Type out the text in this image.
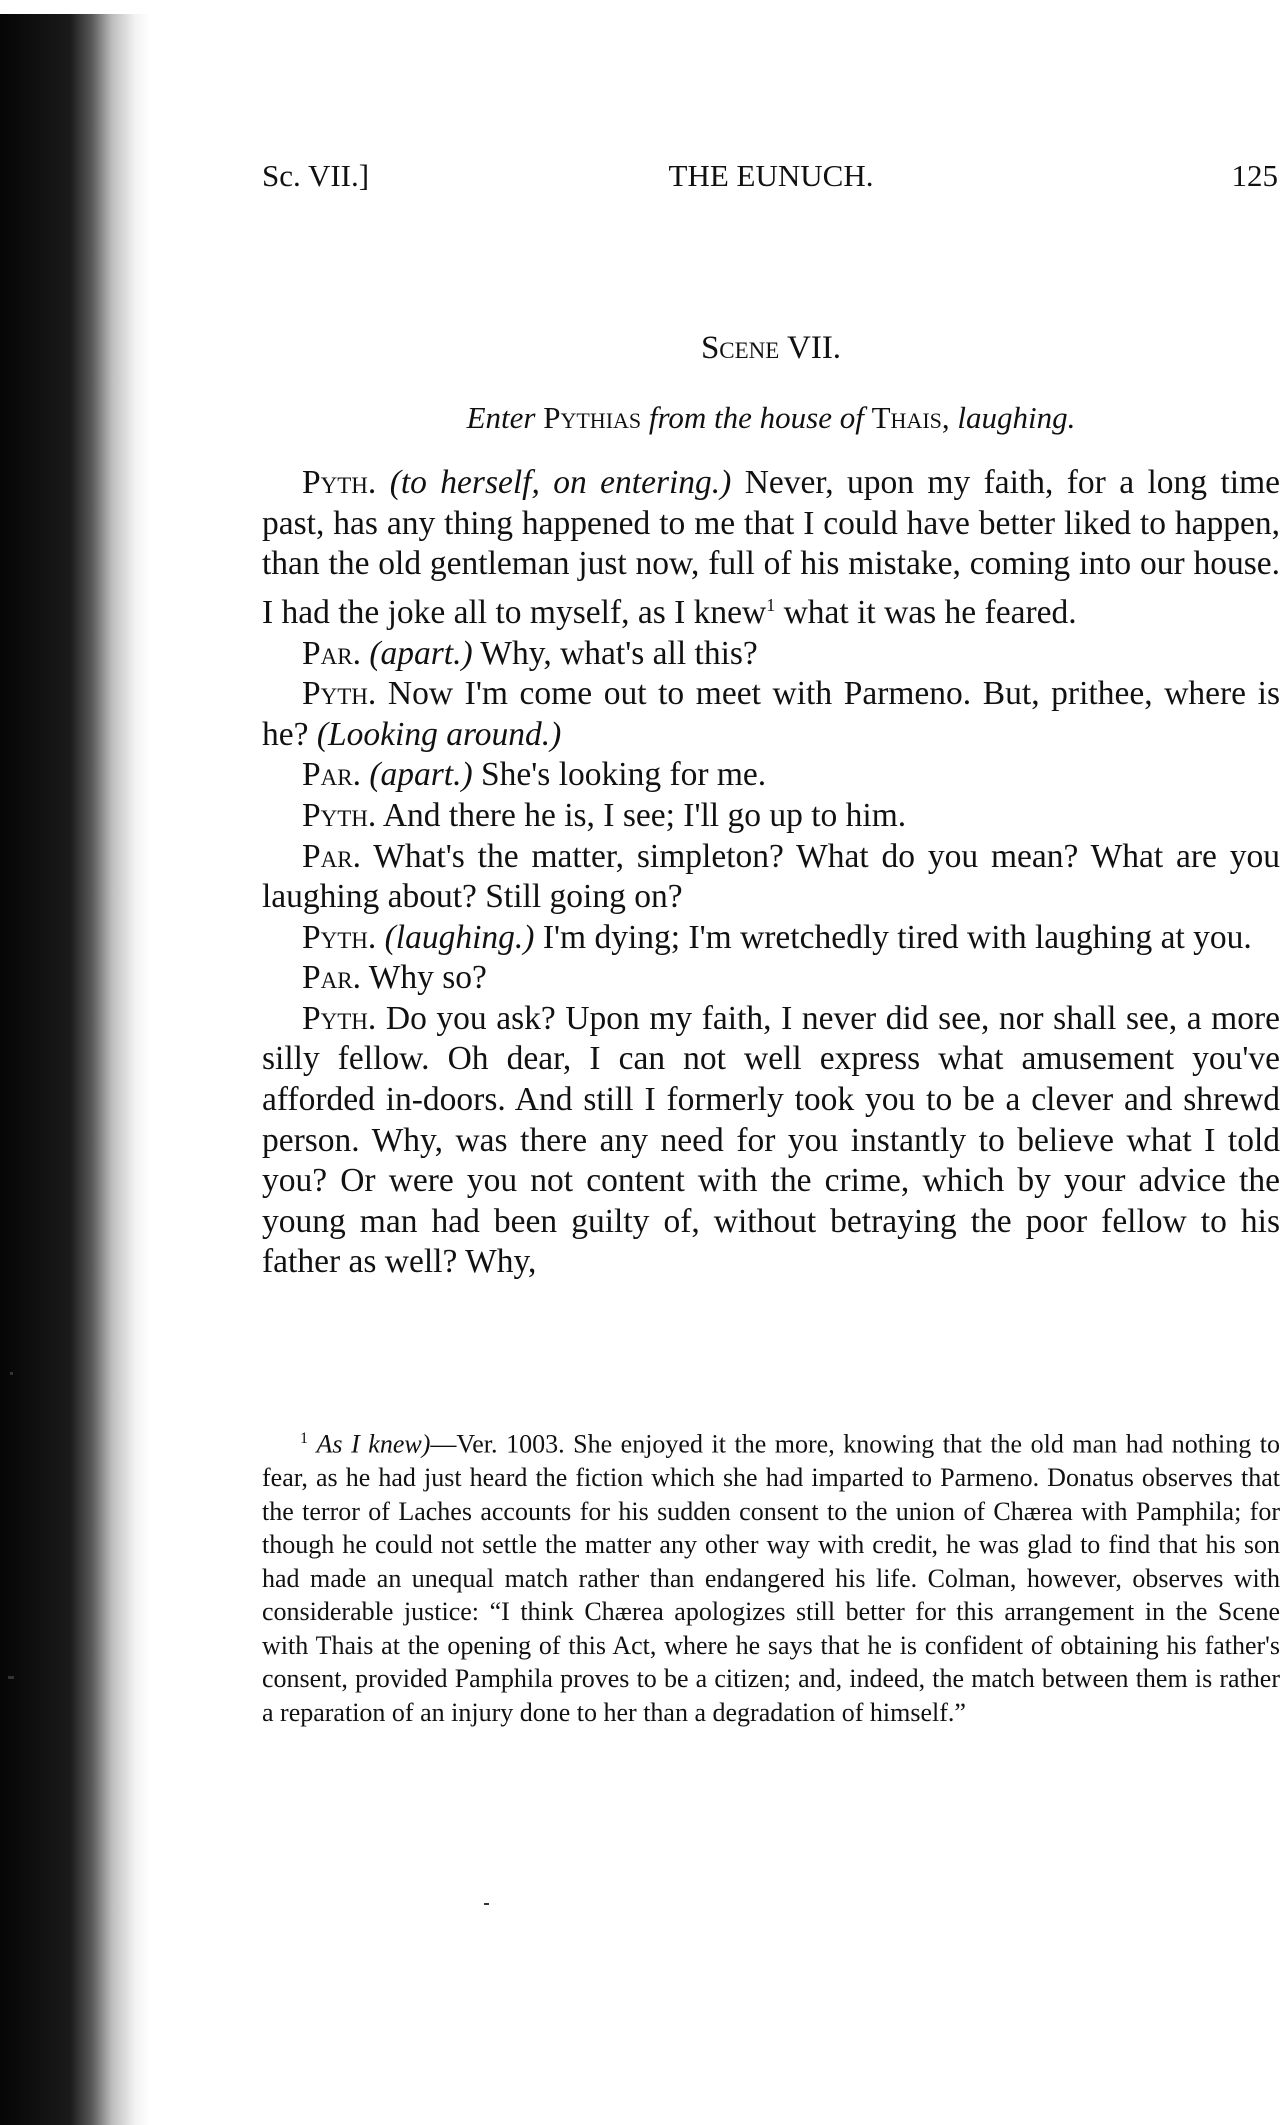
Sc. VII.]	THE EUNUCH.	125
Scene VII.
Enter Pythias from the house of Thais, laughing.

Pyth. (to herself, on entering.) Never, upon my faith, for a long time past, has any thing happened to me that I could have better liked to happen, than the old gentleman just now, full of his mistake, coming into our house. I had the joke all to myself, as I knew$^1$ what it was he feared.

Par. (apart.) Why, what's all this?

Pyth. Now I'm come out to meet with Parmeno. But, prithee, where is he? (Looking around.)

Par. (apart.) She's looking for me.

Pyth. And there he is, I see; I'll go up to him.

Par. What's the matter, simpleton? What do you mean? What are you laughing about? Still going on?

Pyth. (laughing.) I'm dying; I'm wretchedly tired with laughing at you.

Par. Why so?

Pyth. Do you ask? Upon my faith, I never did see, nor shall see, a more silly fellow. Oh dear, I can not well express what amusement you've afforded in-doors. And still I formerly took you to be a clever and shrewd person. Why, was there any need for you instantly to believe what I told you? Or were you not content with the crime, which by your advice the young man had been guilty of, without betraying the poor fellow to his father as well? Why,

$^1$ As I knew)—Ver. 1003. She enjoyed it the more, knowing that the old man had nothing to fear, as he had just heard the fiction which she had imparted to Parmeno. Donatus observes that the terror of Laches accounts for his sudden consent to the union of Chærea with Pamphila; for though he could not settle the matter any other way with credit, he was glad to find that his son had made an unequal match rather than endangered his life. Colman, however, observes with considerable justice: “I think Chærea apologizes still better for this arrangement in the Scene with Thais at the opening of this Act, where he says that he is confident of obtaining his father's consent, provided Pamphila proves to be a citizen; and, indeed, the match between them is rather a reparation of an injury done to her than a degradation of himself.”
